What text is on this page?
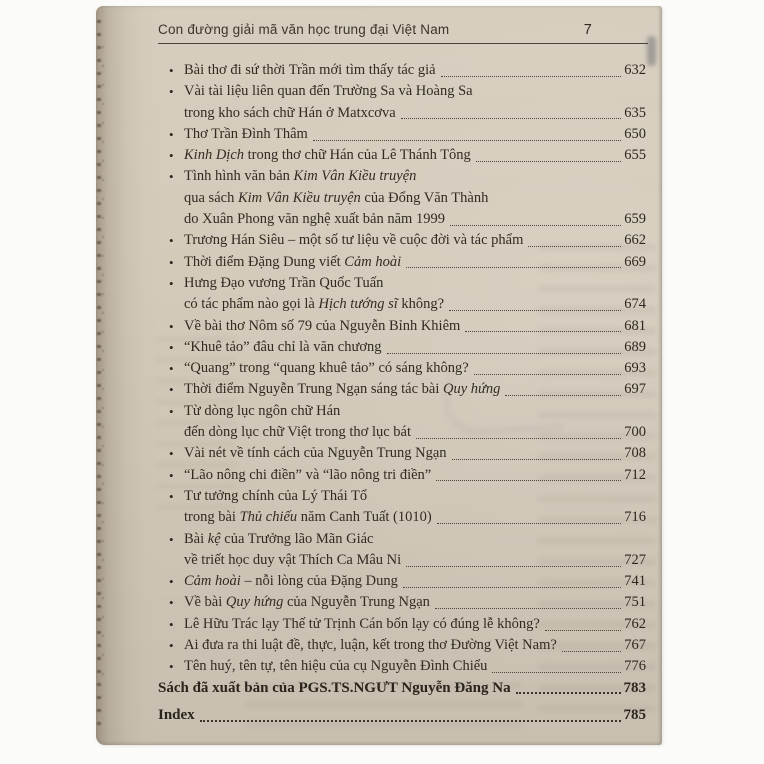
Con đường giải mã văn học trung đại Việt Nam	7
• Bài thơ đi sứ thời Trần mới tìm thấy tác giả	632
• Vài tài liệu liên quan đến Trường Sa và Hoàng Sa
trong kho sách chữ Hán ở Matxcơva	635
• Thơ Trần Đình Thâm	650
• Kinh Dịch trong thơ chữ Hán của Lê Thánh Tông	655
• Tình hình văn bản Kim Vân Kiều truyện
qua sách Kim Vân Kiều truyện của Đổng Văn Thành
do Xuân Phong văn nghệ xuất bản năm 1999	659
• Trương Hán Siêu – một số tư liệu về cuộc đời và tác phẩm	662
• Thời điểm Đặng Dung viết Cảm hoài	669
• Hưng Đạo vương Trần Quốc Tuấn
có tác phẩm nào gọi là Hịch tướng sĩ không?	674
• Về bài thơ Nôm số 79 của Nguyễn Bỉnh Khiêm	681
• “Khuê tảo” đâu chỉ là văn chương	689
• “Quang” trong “quang khuê tảo” có sáng không?	693
• Thời điểm Nguyễn Trung Ngạn sáng tác bài Quy hứng	697
• Từ dòng lục ngôn chữ Hán
đến dòng lục chữ Việt trong thơ lục bát	700
• Vài nét về tính cách của Nguyễn Trung Ngạn	708
• “Lão nông chi điền” và “lão nông tri điền”	712
• Tư tưởng chính của Lý Thái Tổ
trong bài Thủ chiếu năm Canh Tuất (1010)	716
• Bài kệ của Trưởng lão Mãn Giác
về triết học duy vật Thích Ca Mâu Ni	727
• Cảm hoài – nỗi lòng của Đặng Dung	741
• Về bài Quy hứng của Nguyễn Trung Ngạn	751
• Lê Hữu Trác lạy Thế tử Trịnh Cán bốn lạy có đúng lễ không?	762
• Ai đưa ra thi luật đề, thực, luận, kết trong thơ Đường Việt Nam?	767
• Tên huý, tên tự, tên hiệu của cụ Nguyễn Đình Chiểu	776
Sách đã xuất bản của PGS.TS.NGƯT Nguyễn Đăng Na	783
Index	785
